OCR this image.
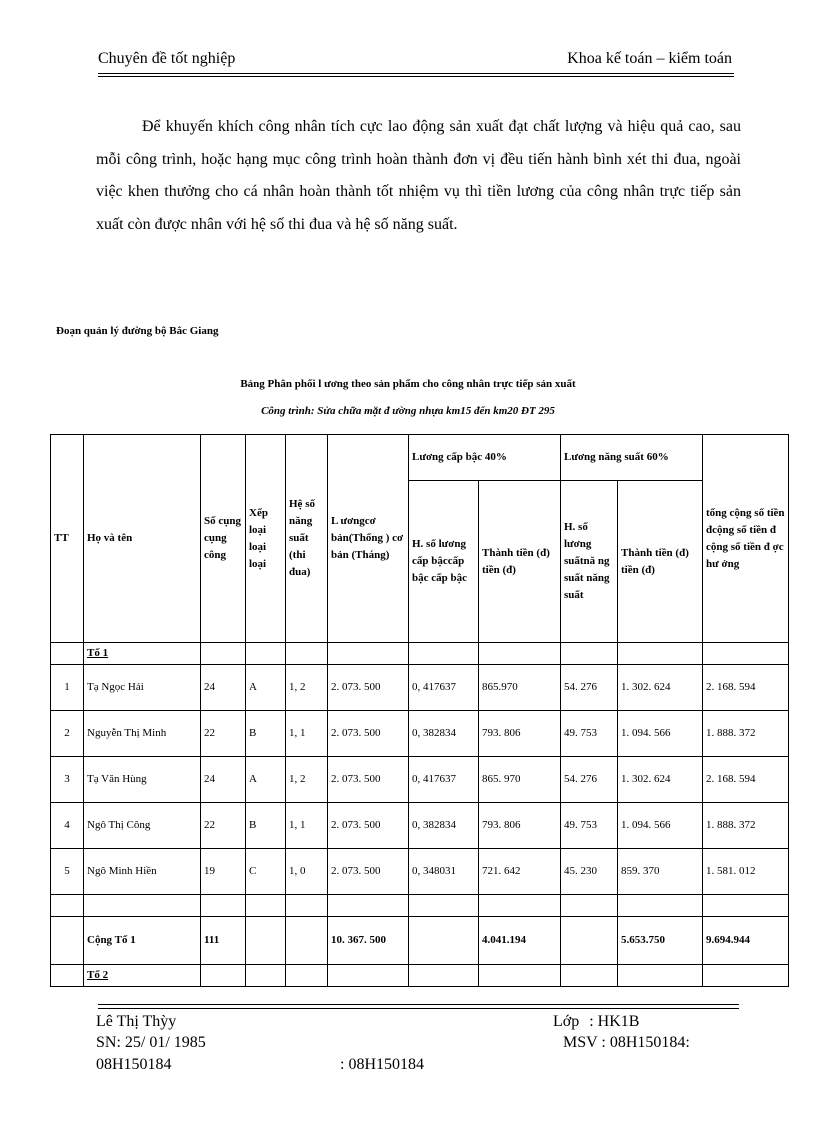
Chuyên đề tốt nghiệp	Khoa kế toán – kiểm toán
Để khuyến khích công nhân tích cực lao động sản xuất đạt chất lượng và hiệu quả cao, sau mỗi công trình, hoặc hạng mục công trình hoàn thành đơn vị đều tiến hành bình xét thi đua, ngoài việc khen thưởng cho cá nhân hoàn thành tốt nhiệm vụ thì tiền lương của công nhân trực tiếp sản xuất còn được nhân với hệ số thi đua và hệ số năng suất.
Đoạn quản lý đường bộ Bắc Giang
Bảng Phân phối l ương theo sản phẩm cho công nhân trực tiếp sản xuất
Công trình: Sửa chữa mặt đ ường nhựa km15 đến km20 ĐT 295
TT	Họ và tên	Số cụng cụng công	Xếp loại loại loại	Hệ số năng suất (thi đua)	L ươngcơ bản(Thống ) cơ bản (Tháng)	Lương cấp bậc 40%		Lương năng suất 60%		tổng cộng số tiền đcộng số tiền đ cộng số tiền đ ợc hư ởng
						H. số lương cấp bậccấp bậc cấp bậc	Thành tiền (đ) tiền (đ)	H. số lương suấtnă ng suất năng suất	Thành tiền (đ) tiền (đ)	
	Tổ 1									
1	Tạ Ngọc Hải	24	A	1, 2	2. 073. 500	0, 417637	865.970	54. 276	1. 302. 624	2. 168. 594
2	Nguyễn Thị Minh	22	B	1, 1	2. 073. 500	0, 382834	793. 806	49. 753	1. 094. 566	1. 888. 372
3	Tạ Văn Hùng	24	A	1, 2	2. 073. 500	0, 417637	865. 970	54. 276	1. 302. 624	2. 168. 594
4	Ngô Thị Công	22	B	1, 1	2. 073. 500	0, 382834	793. 806	49. 753	1. 094. 566	1. 888. 372
5	Ngô Minh Hiền	19	C	1, 0	2. 073. 500	0, 348031	721. 642	45. 230	859. 370	1. 581. 012

	Cộng Tổ 1	111			10. 367. 500		4.041.194		5.653.750	9.694.944
	Tổ 2									
Lê Thị Thỳy	Lớp : HK1B
SN: 25/ 01/ 1985	MSV : 08H150184:
08H150184	: 08H150184
